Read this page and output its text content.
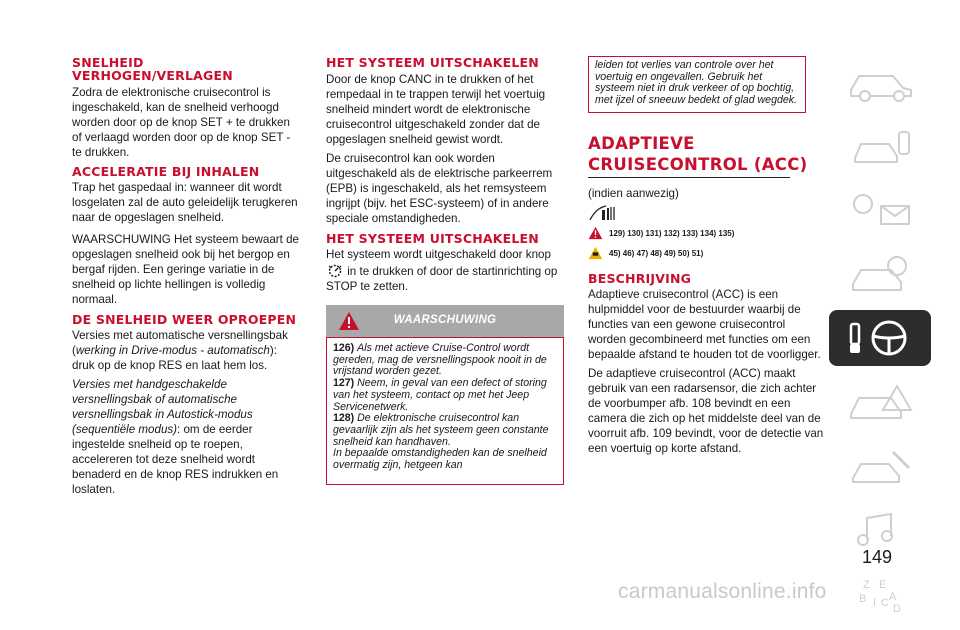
SNELHEID VERHOGEN/VERLAGEN

Zodra de elektronische cruisecontrol is ingeschakeld, kan de snelheid verhoogd worden door op de knop SET + te drukken of verlaagd worden door op de knop SET - te drukken.

ACCELERATIE BIJ INHALEN

Trap het gaspedaal in: wanneer dit wordt losgelaten zal de auto geleidelijk terugkeren naar de opgeslagen snelheid.

WAARSCHUWING Het systeem bewaart de opgeslagen snelheid ook bij het bergop en bergaf rijden. Een geringe variatie in de snelheid op lichte hellingen is volledig normaal.

DE SNELHEID WEER OPROEPEN

Versies met automatische versnellingsbak (werking in Drive-modus - automatisch): druk op de knop RES en laat hem los.

Versies met handgeschakelde versnellingsbak of automatische versnellingsbak in Autostick-modus (sequentiële modus): om de eerder ingestelde snelheid op te roepen, accelereren tot deze snelheid wordt benaderd en de knop RES indrukken en loslaten.

HET SYSTEEM UITSCHAKELEN

Door de knop CANC in te drukken of het rempedaal in te trappen terwijl het voertuig snelheid mindert wordt de elektronische cruisecontrol uitgeschakeld zonder dat de opgeslagen snelheid gewist wordt.

De cruisecontrol kan ook worden uitgeschakeld als de elektrische parkeerrem (EPB) is ingeschakeld, als het remsysteem ingrijpt (bijv. het ESC-systeem) of in andere speciale omstandigheden.

HET SYSTEEM UITSCHAKELEN

Het systeem wordt uitgeschakeld door knop  in te drukken of door de startinrichting op STOP te zetten.

WAARSCHUWING

126) Als met actieve Cruise-Control wordt gereden, mag de versnellingspook nooit in de vrijstand worden gezet.

127) Neem, in geval van een defect of storing van het systeem, contact op met het Jeep Servicenetwerk.

128) De elektronische cruisecontrol kan gevaarlijk zijn als het systeem geen constante snelheid kan handhaven.

In bepaalde omstandigheden kan de snelheid overmatig zijn, hetgeen kan

leiden tot verlies van controle over het voertuig en ongevallen. Gebruik het systeem niet in druk verkeer of op bochtig, met ijzel of sneeuw bedekt of glad wegdek.

ADAPTIEVE
CRUISECONTROL (ACC)

(indien aanwezig)

129) 130) 131) 132) 133) 134) 135)
45) 46) 47) 48) 49) 50) 51)
BESCHRIJVING

Adaptieve cruisecontrol (ACC) is een hulpmiddel voor de bestuurder waarbij de functies van een gewone cruisecontrol worden gecombineerd met functies om een bepaalde afstand te houden tot de voorligger.

De adaptieve cruisecontrol (ACC) maakt gebruik van een radarsensor, die zich achter de voorbumper afb. 108 bevindt en een camera die zich op het middelste deel van de voorruit afb. 109 bevindt, voor de detectie van een voertuig op korte afstand.

Z E
B I C A
D
149
carmanualsonline.info
